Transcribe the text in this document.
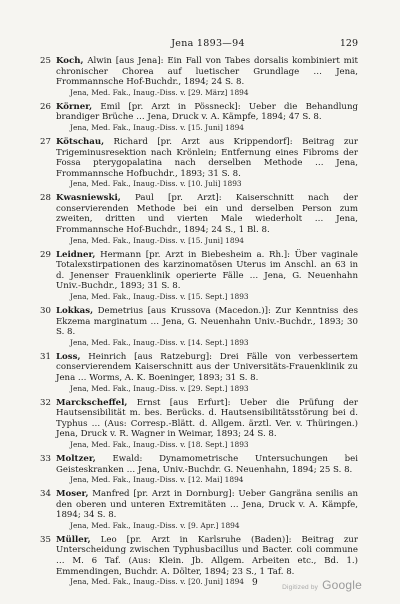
Jena 1893—94	129
25 Koch, Alwin [aus Jena]: Ein Fall von Tabes dorsalis kombiniert mit chronischer Chorea auf luetischer Grundlage … Jena, Frommannsche Hof-Buchdr., 1894; 24 S. 8.
Jena, Med. Fak., Inaug.-Diss. v. [29. März] 1894
26 Körner, Emil [pr. Arzt in Pössneck]: Ueber die Behandlung brandiger Brüche … Jena, Druck v. A. Kämpfe, 1894; 47 S. 8.
Jena, Med. Fak., Inaug.-Diss. v. [15. Juni] 1894
27 Kötschau, Richard [pr. Arzt aus Krippendorf]: Beitrag zur Trigeminusresektion nach Krönlein; Entfernung eines Fibroms der Fossa pterygopalatina nach derselben Methode … Jena, Frommannsche Hofbuchdr., 1893; 31 S. 8.
Jena, Med. Fak., Inaug.-Diss. v. [10. Juli] 1893
28 Kwasniewski, Paul [pr. Arzt]: Kaiserschnitt nach der conservierenden Methode bei ein und derselben Person zum zweiten, dritten und vierten Male wiederholt … Jena, Frommannsche Hof-Buchdr., 1894; 24 S., 1 Bl. 8.
Jena, Med. Fak., Inaug.-Diss. v. [15. Juni] 1894
29 Leidner, Hermann [pr. Arzt in Biebesheim a. Rh.]: Über vaginale Totalexstirpationen des karzinomatösen Uterus im Anschl. an 63 in d. Jenenser Frauenklinik operierte Fälle … Jena, G. Neuenhahn Univ.-Buchdr., 1893; 31 S. 8.
Jena, Med. Fak., Inaug.-Diss. v. [15. Sept.] 1893
30 Lokkas, Demetrius [aus Krussova (Macedon.)]: Zur Kenntniss des Ekzema marginatum … Jena, G. Neuenhahn Univ.-Buchdr., 1893; 30 S. 8.
Jena, Med. Fak., Inaug.-Diss. v. [14. Sept.] 1893
31 Loss, Heinrich [aus Ratzeburg]: Drei Fälle von verbessertem conservierendem Kaiserschnitt aus der Universitäts-Frauenklinik zu Jena … Worms, A. K. Boeninger, 1893; 31 S. 8.
Jena, Med. Fak., Inaug.-Diss. v. [29. Sept.] 1893
32 Marckscheffel, Ernst [aus Erfurt]: Ueber die Prüfung der Hautsensibilität m. bes. Berücks. d. Hautsensibilitätsstörung bei d. Typhus … (Aus: Corresp.-Blätt. d. Allgem. ärztl. Ver. v. Thüringen.) Jena, Druck v. R. Wagner in Weimar, 1893; 24 S. 8.
Jena, Med. Fak., Inaug.-Diss. v. [18. Sept.] 1893
33 Moltzer, Ewald: Dynamometrische Untersuchungen bei Geisteskranken … Jena, Univ.-Buchdr. G. Neuenhahn, 1894; 25 S. 8.
Jena, Med. Fak., Inaug.-Diss. v. [12. Mai] 1894
34 Moser, Manfred [pr. Arzt in Dornburg]: Ueber Gangräna senilis an den oberen und unteren Extremitäten … Jena, Druck v. A. Kämpfe, 1894; 34 S. 8.
Jena, Med. Fak., Inaug.-Diss. v. [9. Apr.] 1894
35 Müller, Leo [pr. Arzt in Karlsruhe (Baden)]: Beitrag zur Unterscheidung zwischen Typhusbacillus und Bacter. coli commune … M. 6 Taf. (Aus: Klein. Jb. Allgem. Arbeiten etc., Bd. 1.) Emmendingen, Buchdr. A. Dölter, 1894; 23 S., 1 Taf. 8.
Jena, Med. Fak., Inaug.-Diss. v. [20. Juni] 1894 9	Digitized by Google
